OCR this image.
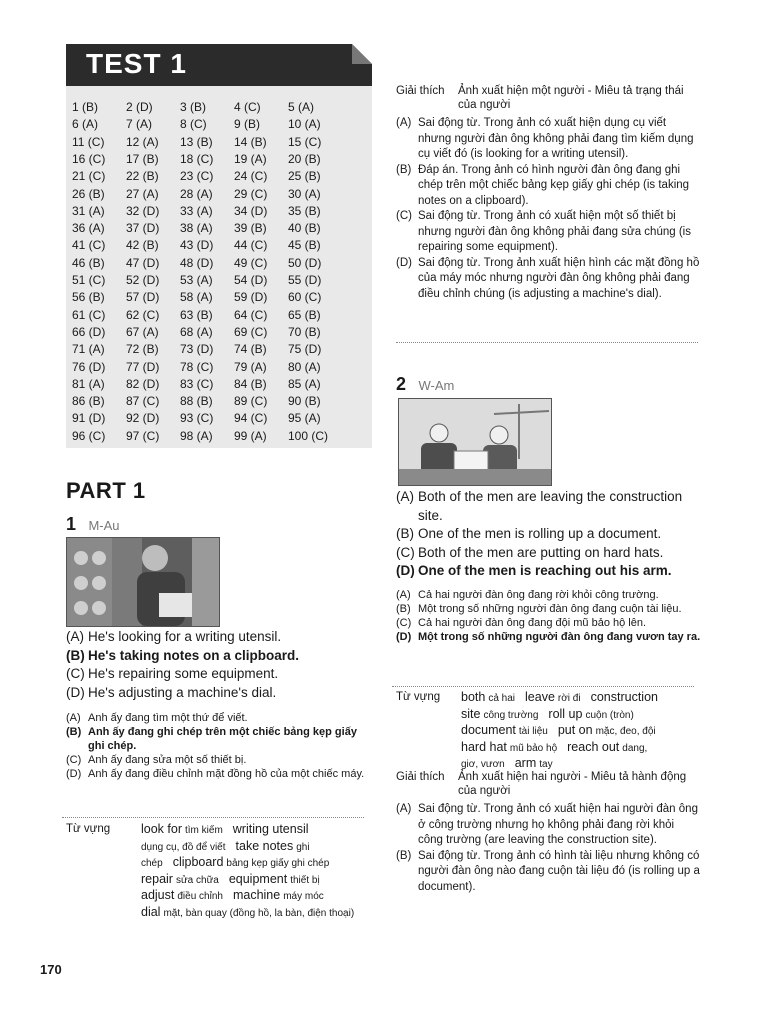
TEST 1
1 (B) 2 (D) 3 (B) 4 (C) 5 (A)
6 (A) 7 (A) 8 (C) 9 (B) 10 (A)
11 (C) 12 (A) 13 (B) 14 (B) 15 (C)
16 (C) 17 (B) 18 (C) 19 (A) 20 (B)
21 (C) 22 (B) 23 (C) 24 (C) 25 (B)
26 (B) 27 (A) 28 (A) 29 (C) 30 (A)
31 (A) 32 (D) 33 (A) 34 (D) 35 (B)
36 (A) 37 (D) 38 (A) 39 (B) 40 (B)
41 (C) 42 (B) 43 (D) 44 (C) 45 (B)
46 (B) 47 (D) 48 (D) 49 (C) 50 (D)
51 (C) 52 (D) 53 (A) 54 (D) 55 (D)
56 (B) 57 (D) 58 (A) 59 (D) 60 (C)
61 (C) 62 (C) 63 (B) 64 (C) 65 (B)
66 (D) 67 (A) 68 (A) 69 (C) 70 (B)
71 (A) 72 (B) 73 (D) 74 (B) 75 (D)
76 (D) 77 (D) 78 (C) 79 (A) 80 (A)
81 (A) 82 (D) 83 (C) 84 (B) 85 (A)
86 (B) 87 (C) 88 (B) 89 (C) 90 (B)
91 (D) 92 (D) 93 (C) 94 (C) 95 (A)
96 (C) 97 (C) 98 (A) 99 (A) 100 (C)
PART 1
1 M-Au
(A) He's looking for a writing utensil.
(B) He's taking notes on a clipboard.
(C) He's repairing some equipment.
(D) He's adjusting a machine's dial.
(A) Anh ấy đang tìm một thứ để viết.
(B) Anh ấy đang ghi chép trên một chiếc bảng kẹp giấy ghi chép.
(C) Anh ấy đang sửa một số thiết bị.
(D) Anh ấy đang điều chỉnh mặt đồng hồ của một chiếc máy.
Từ vựng look for tìm kiếm writing utensil
dụng cụ, đồ để viết take notes ghi
chép clipboard bảng kẹp giấy ghi chép
repair sửa chữa equipment thiết bị
adjust điều chỉnh machine máy móc
dial mặt, bàn quay (đồng hồ, la bàn, điện thoại)
Giải thích Ảnh xuất hiện một người - Miêu tả trạng thái của người
(A) Sai động từ. Trong ảnh có xuất hiện dụng cụ viết nhưng người đàn ông không phải đang tìm kiếm dụng cụ viết đó (is looking for a writing utensil).
(B) Đáp án. Trong ảnh có hình người đàn ông đang ghi chép trên một chiếc bảng kẹp giấy ghi chép (is taking notes on a clipboard).
(C) Sai động từ. Trong ảnh có xuất hiện một số thiết bị nhưng người đàn ông không phải đang sửa chúng (is repairing some equipment).
(D) Sai động từ. Trong ảnh xuất hiện hình các mặt đồng hồ của máy móc nhưng người đàn ông không phải đang điều chỉnh chúng (is adjusting a machine's dial).
2 W-Am
(A) Both of the men are leaving the construction site.
(B) One of the men is rolling up a document.
(C) Both of the men are putting on hard hats.
(D) One of the men is reaching out his arm.
(A) Cả hai người đàn ông đang rời khỏi công trường.
(B) Một trong số những người đàn ông đang cuộn tài liệu.
(C) Cả hai người đàn ông đang đội mũ bảo hộ lên.
(D) Một trong số những người đàn ông đang vươn tay ra.
Từ vựng both cả hai leave rời đi construction
site công trường roll up cuộn (tròn)
document tài liệu put on mặc, đeo, đội
hard hat mũ bảo hộ reach out dang,
giơ, vươn arm tay
Giải thích Ảnh xuất hiện hai người - Miêu tả hành động của người
(A) Sai động từ. Trong ảnh có xuất hiện hai người đàn ông ở công trường nhưng họ không phải đang rời khỏi công trường (are leaving the construction site).
(B) Sai động từ. Trong ảnh có hình tài liệu nhưng không có người đàn ông nào đang cuộn tài liệu đó (is rolling up a document).
170
